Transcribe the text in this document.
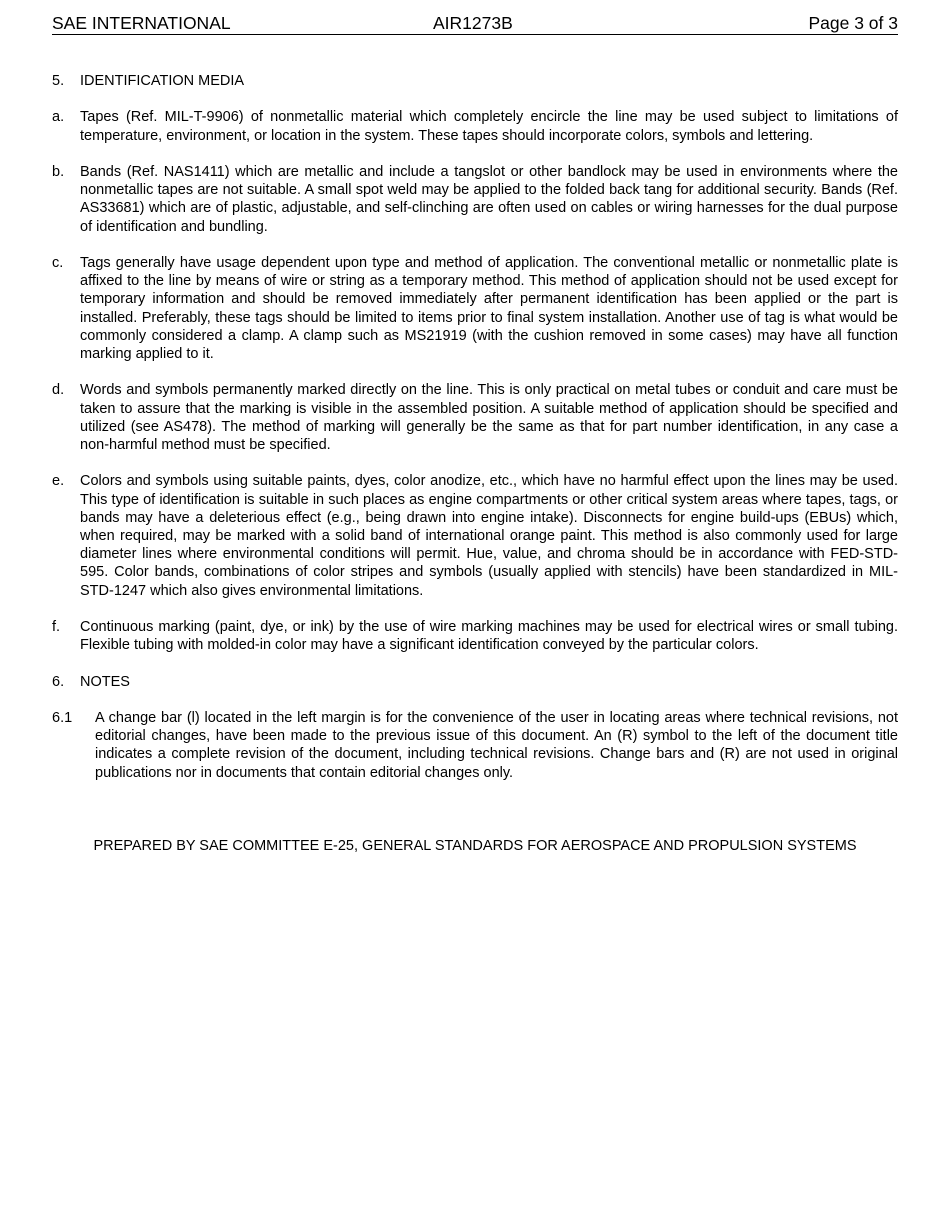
SAE INTERNATIONAL	AIR1273B	Page 3 of 3

5. IDENTIFICATION MEDIA

a. Tapes (Ref. MIL-T-9906) of nonmetallic material which completely encircle the line may be used subject to limitations of temperature, environment, or location in the system. These tapes should incorporate colors, symbols and lettering.

b. Bands (Ref. NAS1411) which are metallic and include a tangslot or other bandlock may be used in environments where the nonmetallic tapes are not suitable. A small spot weld may be applied to the folded back tang for additional security. Bands (Ref. AS33681) which are of plastic, adjustable, and self-clinching are often used on cables or wiring harnesses for the dual purpose of identification and bundling.

c. Tags generally have usage dependent upon type and method of application. The conventional metallic or nonmetallic plate is affixed to the line by means of wire or string as a temporary method. This method of application should not be used except for temporary information and should be removed immediately after permanent identification has been applied or the part is installed. Preferably, these tags should be limited to items prior to final system installation. Another use of tag is what would be commonly considered a clamp. A clamp such as MS21919 (with the cushion removed in some cases) may have all function marking applied to it.

d. Words and symbols permanently marked directly on the line. This is only practical on metal tubes or conduit and care must be taken to assure that the marking is visible in the assembled position. A suitable method of application should be specified and utilized (see AS478). The method of marking will generally be the same as that for part number identification, in any case a non-harmful method must be specified.

e. Colors and symbols using suitable paints, dyes, color anodize, etc., which have no harmful effect upon the lines may be used. This type of identification is suitable in such places as engine compartments or other critical system areas where tapes, tags, or bands may have a deleterious effect (e.g., being drawn into engine intake). Disconnects for engine build-ups (EBUs) which, when required, may be marked with a solid band of international orange paint. This method is also commonly used for large diameter lines where environmental conditions will permit. Hue, value, and chroma should be in accordance with FED-STD-595. Color bands, combinations of color stripes and symbols (usually applied with stencils) have been standardized in MIL-STD-1247 which also gives environmental limitations.

f. Continuous marking (paint, dye, or ink) by the use of wire marking machines may be used for electrical wires or small tubing. Flexible tubing with molded-in color may have a significant identification conveyed by the particular colors.

6. NOTES

6.1 A change bar (l) located in the left margin is for the convenience of the user in locating areas where technical revisions, not editorial changes, have been made to the previous issue of this document. An (R) symbol to the left of the document title indicates a complete revision of the document, including technical revisions. Change bars and (R) are not used in original publications nor in documents that contain editorial changes only.

PREPARED BY SAE COMMITTEE E-25, GENERAL STANDARDS FOR AEROSPACE AND PROPULSION SYSTEMS
